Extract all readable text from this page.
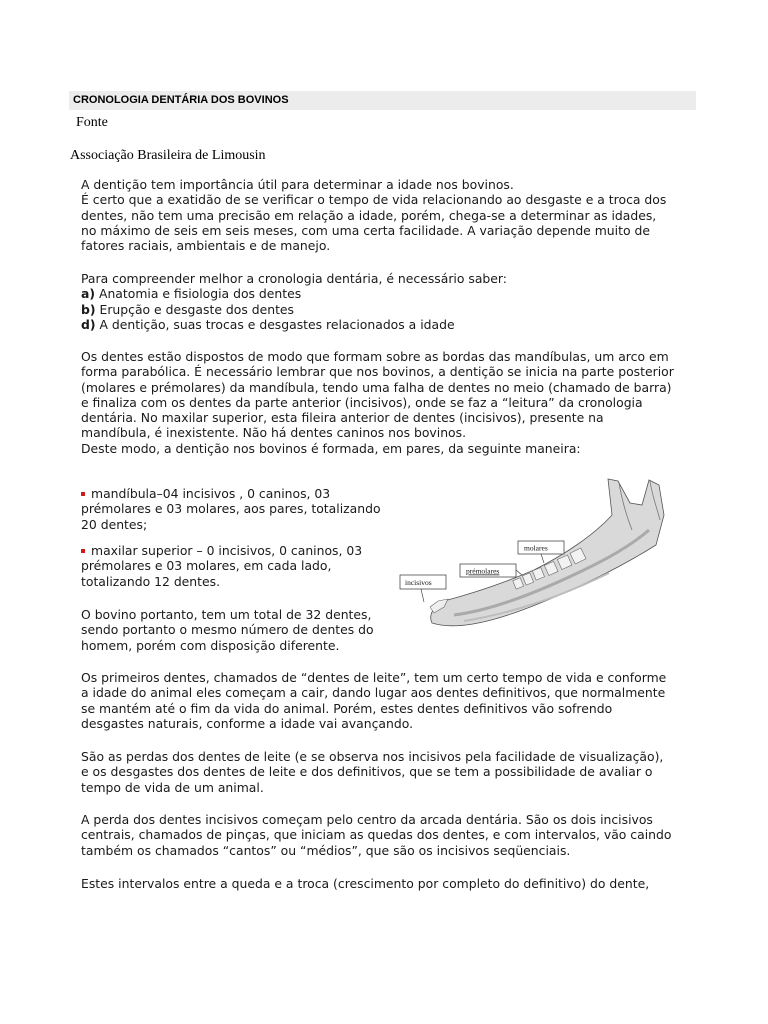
CRONOLOGIA DENTÁRIA DOS BOVINOS
Fonte
Associação Brasileira de Limousin
A dentição tem importância útil para determinar a idade nos bovinos.
É certo que a exatidão de se verificar o tempo de vida relacionando ao desgaste e a troca dos
dentes, não tem uma precisão em relação a idade, porém, chega-se a determinar as idades,
no máximo de seis em seis meses, com uma certa facilidade. A variação depende muito de
fatores raciais, ambientais e de manejo.
Para compreender melhor a cronologia dentária, é necessário saber:
a) Anatomia e fisiologia dos dentes
b) Erupção e desgaste dos dentes
d) A dentição, suas trocas e desgastes relacionados a idade
Os dentes estão dispostos de modo que formam sobre as bordas das mandíbulas, um arco em
forma parabólica. É necessário lembrar que nos bovinos, a dentição se inicia na parte posterior
(molares e prémolares) da mandíbula, tendo uma falha de dentes no meio (chamado de barra)
e finaliza com os dentes da parte anterior (incisivos), onde se faz a “leitura” da cronologia
dentária. No maxilar superior, esta fileira anterior de dentes (incisivos), presente na
mandíbula, é inexistente. Não há dentes caninos nos bovinos.
Deste modo, a dentição nos bovinos é formada, em pares, da seguinte maneira:
mandíbula–04 incisivos , 0 caninos, 03
prémolares e 03 molares, aos pares, totalizando
20 dentes;
maxilar superior – 0 incisivos, 0 caninos, 03
prémolares e 03 molares, em cada lado,
totalizando 12 dentes.
O bovino portanto, tem um total de 32 dentes,
sendo portanto o mesmo número de dentes do
homem, porém com disposição diferente.
molares
prémolares
incisivos
Os primeiros dentes, chamados de “dentes de leite”, tem um certo tempo de vida e conforme
a idade do animal eles começam a cair, dando lugar aos dentes definitivos, que normalmente
se mantém até o fim da vida do animal. Porém, estes dentes definitivos vão sofrendo
desgastes naturais, conforme a idade vai avançando.
São as perdas dos dentes de leite (e se observa nos incisivos pela facilidade de visualização),
e os desgastes dos dentes de leite e dos definitivos, que se tem a possibilidade de avaliar o
tempo de vida de um animal.
A perda dos dentes incisivos começam pelo centro da arcada dentária. São os dois incisivos
centrais, chamados de pinças, que iniciam as quedas dos dentes, e com intervalos, vão caindo
também os chamados “cantos” ou “médios”, que são os incisivos seqüenciais.
Estes intervalos entre a queda e a troca (crescimento por completo do definitivo) do dente,
